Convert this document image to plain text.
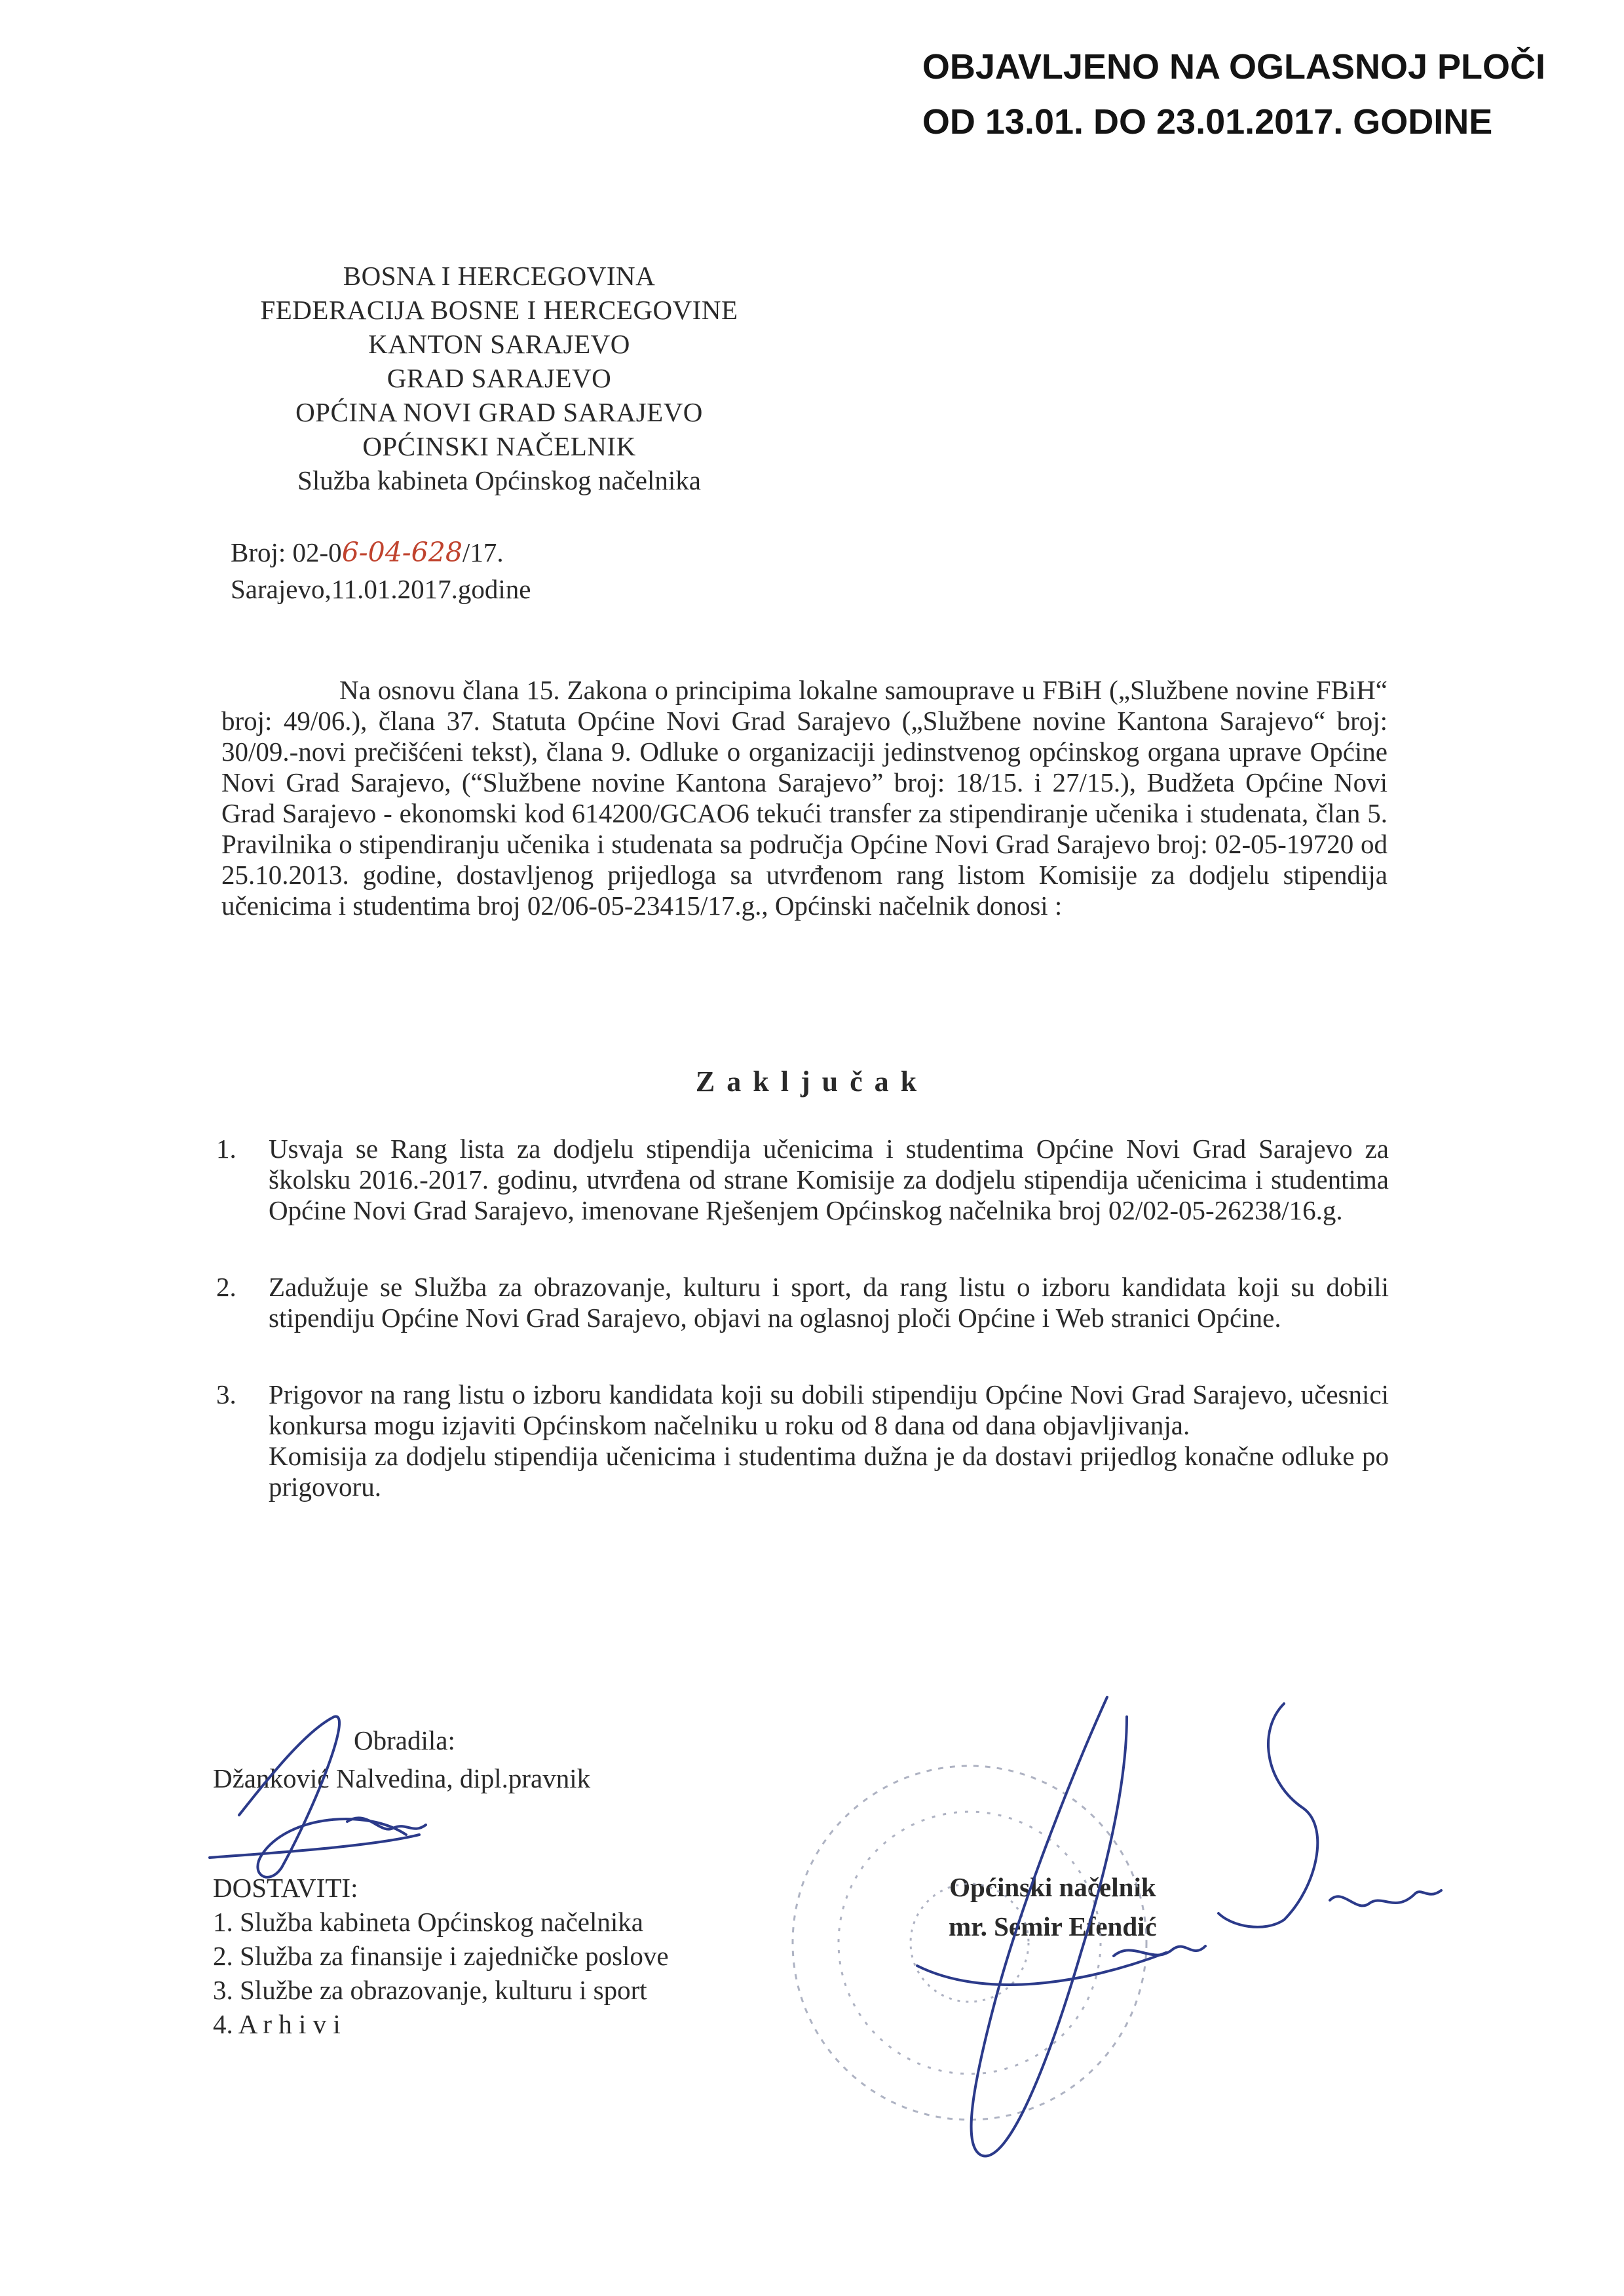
OBJAVLJENO NA OGLASNOJ PLOČI
OD 13.01. DO 23.01.2017. GODINE
BOSNA I HERCEGOVINA
FEDERACIJA BOSNE I HERCEGOVINE
KANTON SARAJEVO
GRAD SARAJEVO
OPĆINA NOVI GRAD SARAJEVO
OPĆINSKI NAČELNIK
Služba kabineta Općinskog načelnika
Broj: 02-06-04-628/17.
Sarajevo,11.01.2017.godine

Na osnovu člana 15. Zakona o principima lokalne samouprave u FBiH („Službene novine FBiH“ broj: 49/06.), člana 37. Statuta Općine Novi Grad Sarajevo („Službene novine Kantona Sarajevo“ broj: 30/09.-novi prečišćeni tekst), člana 9. Odluke o organizaciji jedinstvenog općinskog organa uprave Općine Novi Grad Sarajevo, (“Službene novine Kantona Sarajevo” broj: 18/15. i 27/15.), Budžeta Općine Novi Grad Sarajevo - ekonomski kod 614200/GCAO6 tekući transfer za stipendiranje učenika i studenata, član 5. Pravilnika o stipendiranju učenika i studenata sa područja Općine Novi Grad Sarajevo broj: 02-05-19720 od 25.10.2013. godine, dostavljenog prijedloga sa utvrđenom rang listom Komisije za dodjelu stipendija učenicima i studentima broj 02/06-05-23415/17.g., Općinski načelnik donosi :

Zaključak
1.	Usvaja se Rang lista za dodjelu stipendija učenicima i studentima Općine Novi Grad Sarajevo za školsku 2016.-2017. godinu, utvrđena od strane Komisije za dodjelu stipendija učenicima i studentima Općine Novi Grad Sarajevo, imenovane Rješenjem Općinskog načelnika broj 02/02-05-26238/16.g.

2.	Zadužuje se Služba za obrazovanje, kulturu i sport, da rang listu o izboru kandidata koji su dobili stipendiju Općine Novi Grad Sarajevo, objavi na oglasnoj ploči Općine i Web stranici Općine.

3.	Prigovor na rang listu o izboru kandidata koji su dobili stipendiju Općine Novi Grad Sarajevo, učesnici konkursa mogu izjaviti Općinskom načelniku u roku od 8 dana od dana objavljivanja.

Komisija za dodjelu stipendija učenicima i studentima dužna je da dostavi prijedlog konačne odluke po prigovoru.

Obradila:
Džanković Nalvedina, dipl.pravnik
DOSTAVITI:
1. Služba kabineta Općinskog načelnika
2. Služba za finansije i zajedničke poslove
3. Službe za obrazovanje, kulturu i sport
4. A r h i v i
Općinski načelnik
mr. Semir Efendić
